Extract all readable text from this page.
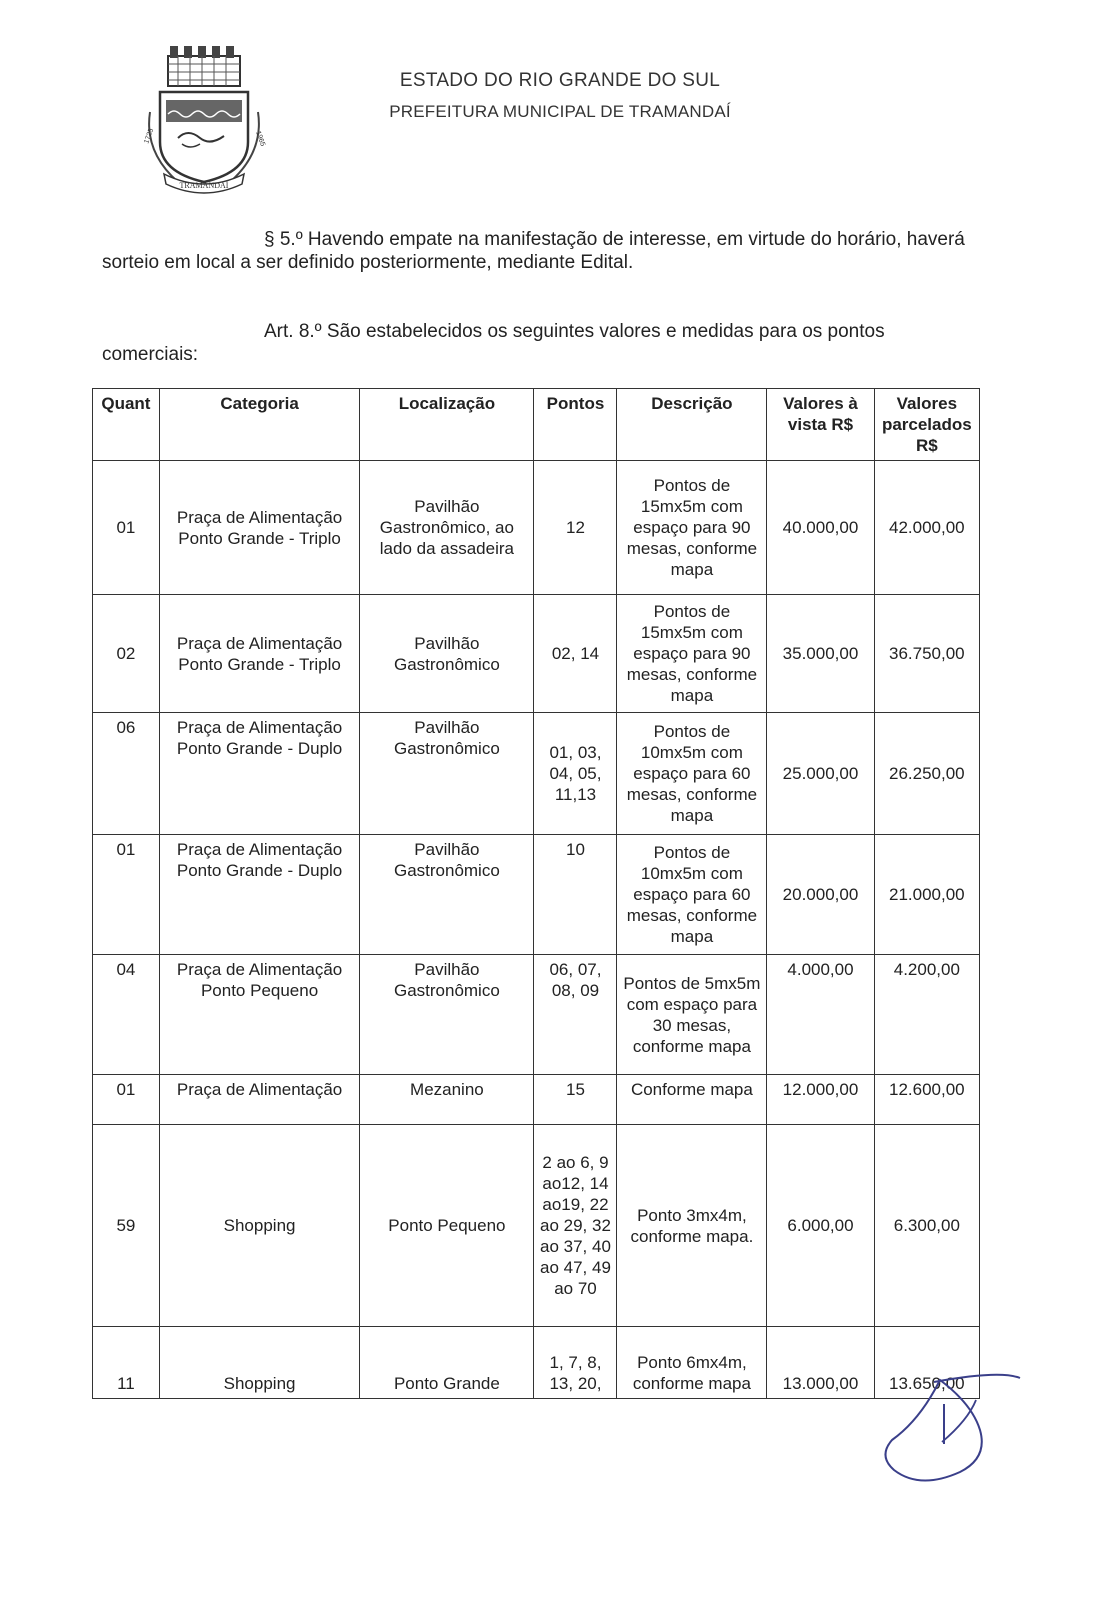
TRAMANDAÍ
1725	1965
ESTADO DO RIO GRANDE DO SUL
PREFEITURA MUNICIPAL DE TRAMANDAÍ
§ 5.º Havendo empate na manifestação de interesse, em virtude do horário, haverá sorteio em local a ser definido posteriormente, mediante Edital.
Art. 8.º São estabelecidos os seguintes valores e medidas para os pontos comerciais:
Quant	Categoria	Localização	Pontos	Descrição	Valores à vista R$	Valores parcelados R$
01	Praça de Alimentação Ponto Grande - Triplo	Pavilhão Gastronômico, ao lado da assadeira	12	Pontos de 15mx5m com espaço para 90 mesas, conforme mapa	40.000,00	42.000,00
02	Praça de Alimentação Ponto Grande - Triplo	Pavilhão Gastronômico	02, 14	Pontos de 15mx5m com espaço para 90 mesas, conforme mapa	35.000,00	36.750,00
06	Praça de Alimentação Ponto Grande - Duplo	Pavilhão Gastronômico	01, 03, 04, 05, 11,13	Pontos de 10mx5m com espaço para 60 mesas, conforme mapa	25.000,00	26.250,00
01	Praça de Alimentação Ponto Grande - Duplo	Pavilhão Gastronômico	10	Pontos de 10mx5m com espaço para 60 mesas, conforme mapa	20.000,00	21.000,00
04	Praça de Alimentação Ponto Pequeno	Pavilhão Gastronômico	06, 07, 08, 09	Pontos de 5mx5m com espaço para 30 mesas, conforme mapa	4.000,00	4.200,00
01	Praça de Alimentação	Mezanino	15	Conforme mapa	12.000,00	12.600,00
59	Shopping	Ponto Pequeno	2 ao 6, 9 ao12, 14 ao19, 22 ao 29, 32 ao 37, 40 ao 47, 49 ao 70	Ponto 3mx4m, conforme mapa.	6.000,00	6.300,00
11	Shopping	Ponto Grande	1, 7, 8, 13, 20,	Ponto 6mx4m, conforme mapa	13.000,00	13.650,00
